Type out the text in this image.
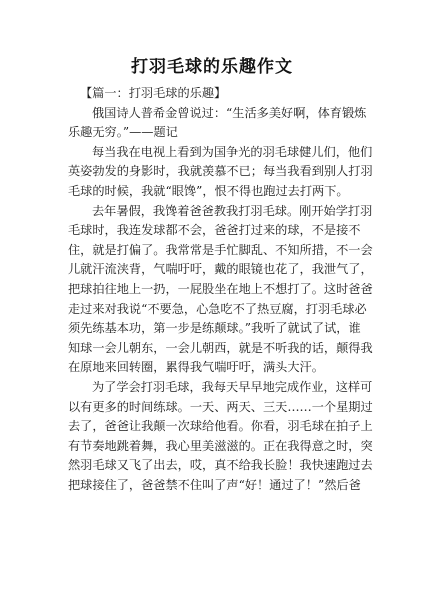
打羽毛球的乐趣作文
【篇一：打羽毛球的乐趣】
俄国诗人普希金曾说过：“生活多美好啊，体育锻炼
乐趣无穷。”——题记
每当我在电视上看到为国争光的羽毛球健儿们，他们
英姿勃发的身影时，我就羡慕不已；每当我看到别人打羽
毛球的时候，我就“眼馋”，恨不得也跑过去打两下。
去年暑假，我馋着爸爸教我打羽毛球。刚开始学打羽
毛球时，我连发球都不会，爸爸打过来的球，不是接不
住，就是打偏了。我常常是手忙脚乱、不知所措，不一会
儿就汗流浃背，气喘吁吁，戴的眼镜也花了，我泄气了，
把球拍往地上一扔，一屁股坐在地上不想打了。这时爸爸
走过来对我说“不要急，心急吃不了热豆腐，打羽毛球必
须先练基本功，第一步是练颠球。”我听了就试了试，谁
知球一会儿朝东，一会儿朝西，就是不听我的话，颠得我
在原地来回转圈，累得我气喘吁吁，满头大汗。
为了学会打羽毛球，我每天早早地完成作业，这样可
以有更多的时间练球。一天、两天、三天……一个星期过
去了，爸爸让我颠一次球给他看。你看，羽毛球在拍子上
有节奏地跳着舞，我心里美滋滋的。正在我得意之时，突
然羽毛球又飞了出去，哎，真不给我长脸！我快速跑过去
把球接住了，爸爸禁不住叫了声“好！通过了！”然后爸
